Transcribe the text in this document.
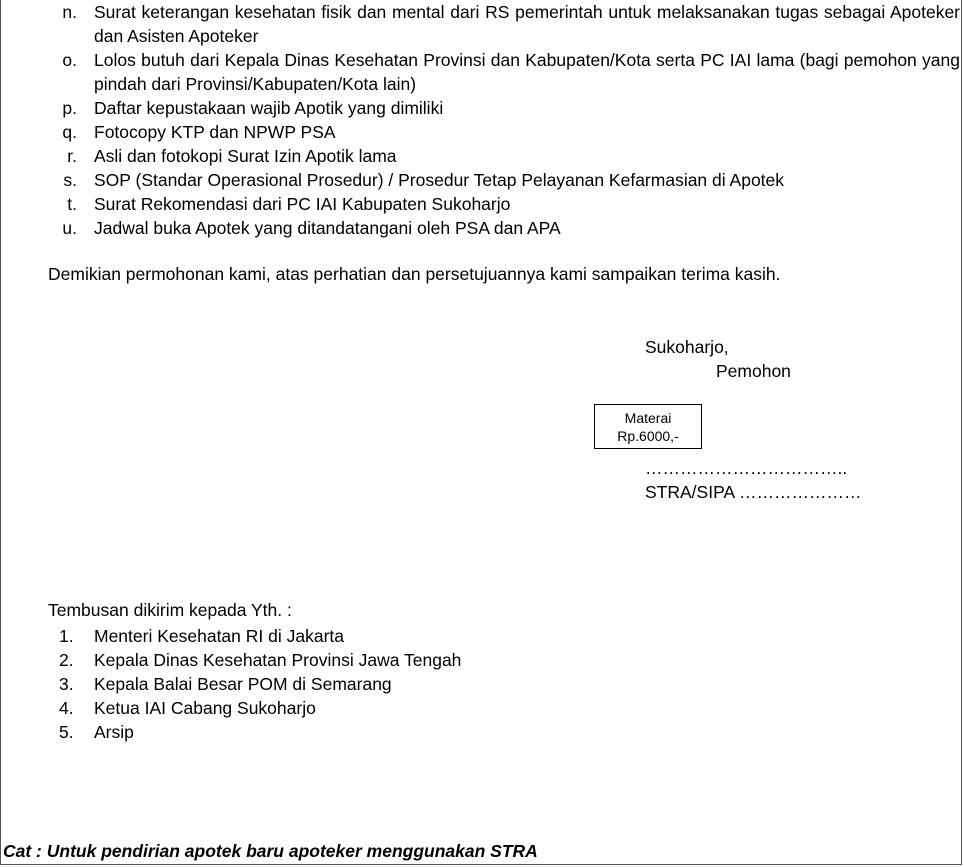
n. Surat keterangan kesehatan fisik dan mental dari RS pemerintah untuk melaksanakan tugas sebagai Apoteker dan Asisten Apoteker
o. Lolos butuh dari Kepala Dinas Kesehatan Provinsi dan Kabupaten/Kota serta PC IAI lama (bagi pemohon yang pindah dari Provinsi/Kabupaten/Kota lain)
p. Daftar kepustakaan wajib Apotik yang dimiliki
q. Fotocopy KTP dan NPWP PSA
r. Asli dan fotokopi Surat Izin Apotik lama
s. SOP (Standar Operasional Prosedur) / Prosedur Tetap Pelayanan Kefarmasian di Apotek
t. Surat Rekomendasi dari PC IAI Kabupaten Sukoharjo
u. Jadwal buka Apotek yang ditandatangani oleh PSA dan APA
Demikian permohonan kami, atas perhatian dan persetujuannya kami sampaikan terima kasih.
Sukoharjo,
Pemohon
Materai
Rp.6000,-
……………………………..
STRA/SIPA …………………
Tembusan dikirim kepada Yth. :
1. Menteri Kesehatan RI di Jakarta
2. Kepala Dinas Kesehatan Provinsi Jawa Tengah
3. Kepala Balai Besar POM di Semarang
4. Ketua IAI Cabang Sukoharjo
5. Arsip
Cat : Untuk pendirian apotek baru apoteker menggunakan STRA
